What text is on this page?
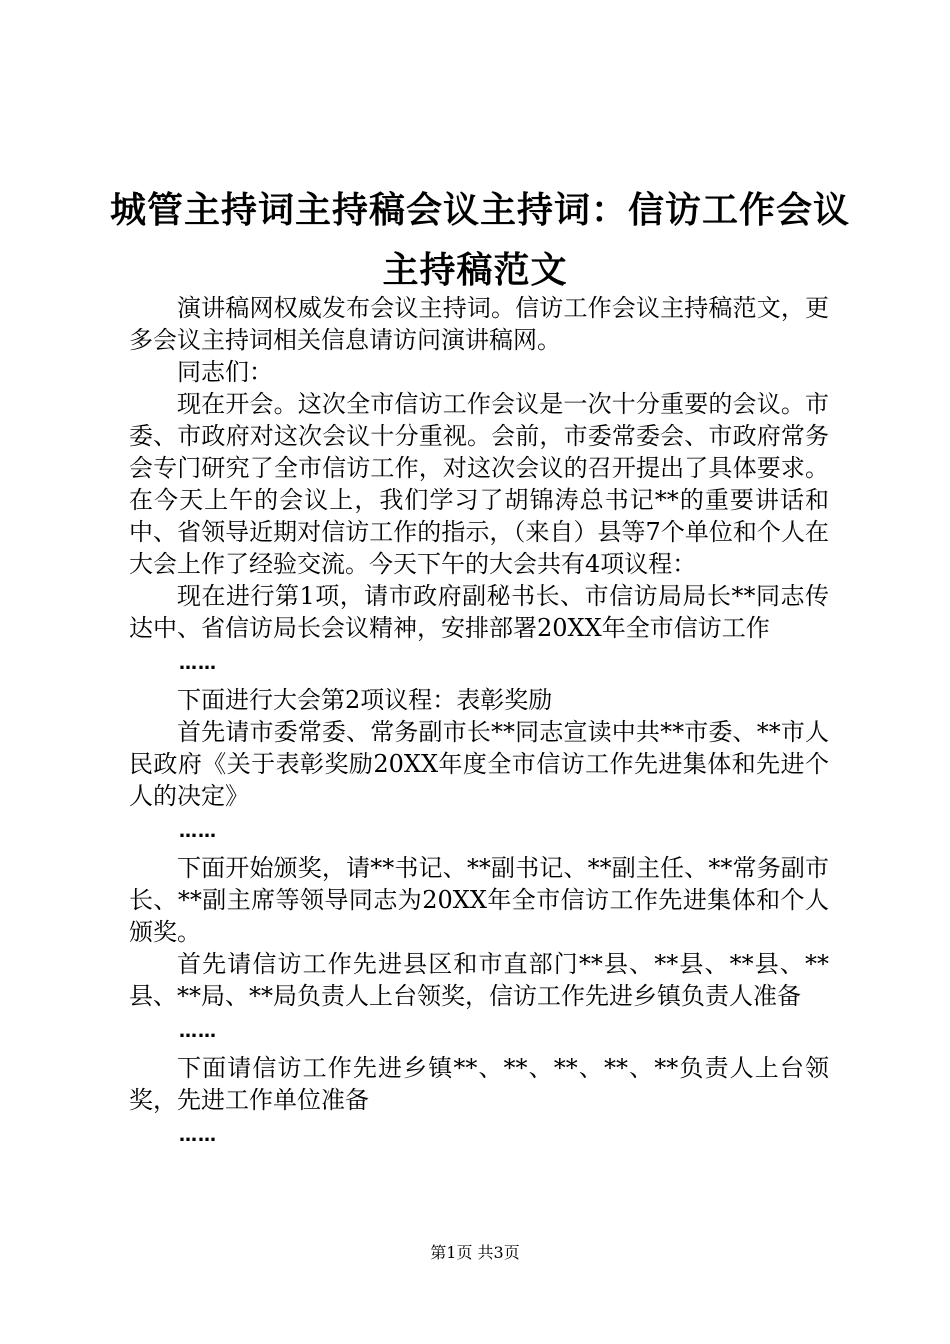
城管主持词主持稿会议主持词：信访工作会议
主持稿范文

演讲稿网权威发布会议主持词。信访工作会议主持稿范文，更多会议主持词相关信息请访问演讲稿网。

同志们：

现在开会。这次全市信访工作会议是一次十分重要的会议。市委、市政府对这次会议十分重视。会前，市委常委会、市政府常务会专门研究了全市信访工作，对这次会议的召开提出了具体要求。在今天上午的会议上，我们学习了胡锦涛总书记**的重要讲话和中、省领导近期对信访工作的指示，（来自）县等7个单位和个人在大会上作了经验交流。今天下午的大会共有4项议程：

现在进行第1项，请市政府副秘书长、市信访局局长**同志传达中、省信访局长会议精神，安排部署20XX年全市信访工作

……

下面进行大会第2项议程：表彰奖励

首先请市委常委、常务副市长**同志宣读中共**市委、**市人民政府《关于表彰奖励20XX年度全市信访工作先进集体和先进个人的决定》

……

下面开始颁奖，请**书记、**副书记、**副主任、**常务副市长、**副主席等领导同志为20XX年全市信访工作先进集体和个人颁奖。

首先请信访工作先进县区和市直部门**县、**县、**县、**县、**局、**局负责人上台领奖，信访工作先进乡镇负责人准备

……

下面请信访工作先进乡镇**、**、**、**、**负责人上台领奖，先进工作单位准备

……

第1页 共3页
